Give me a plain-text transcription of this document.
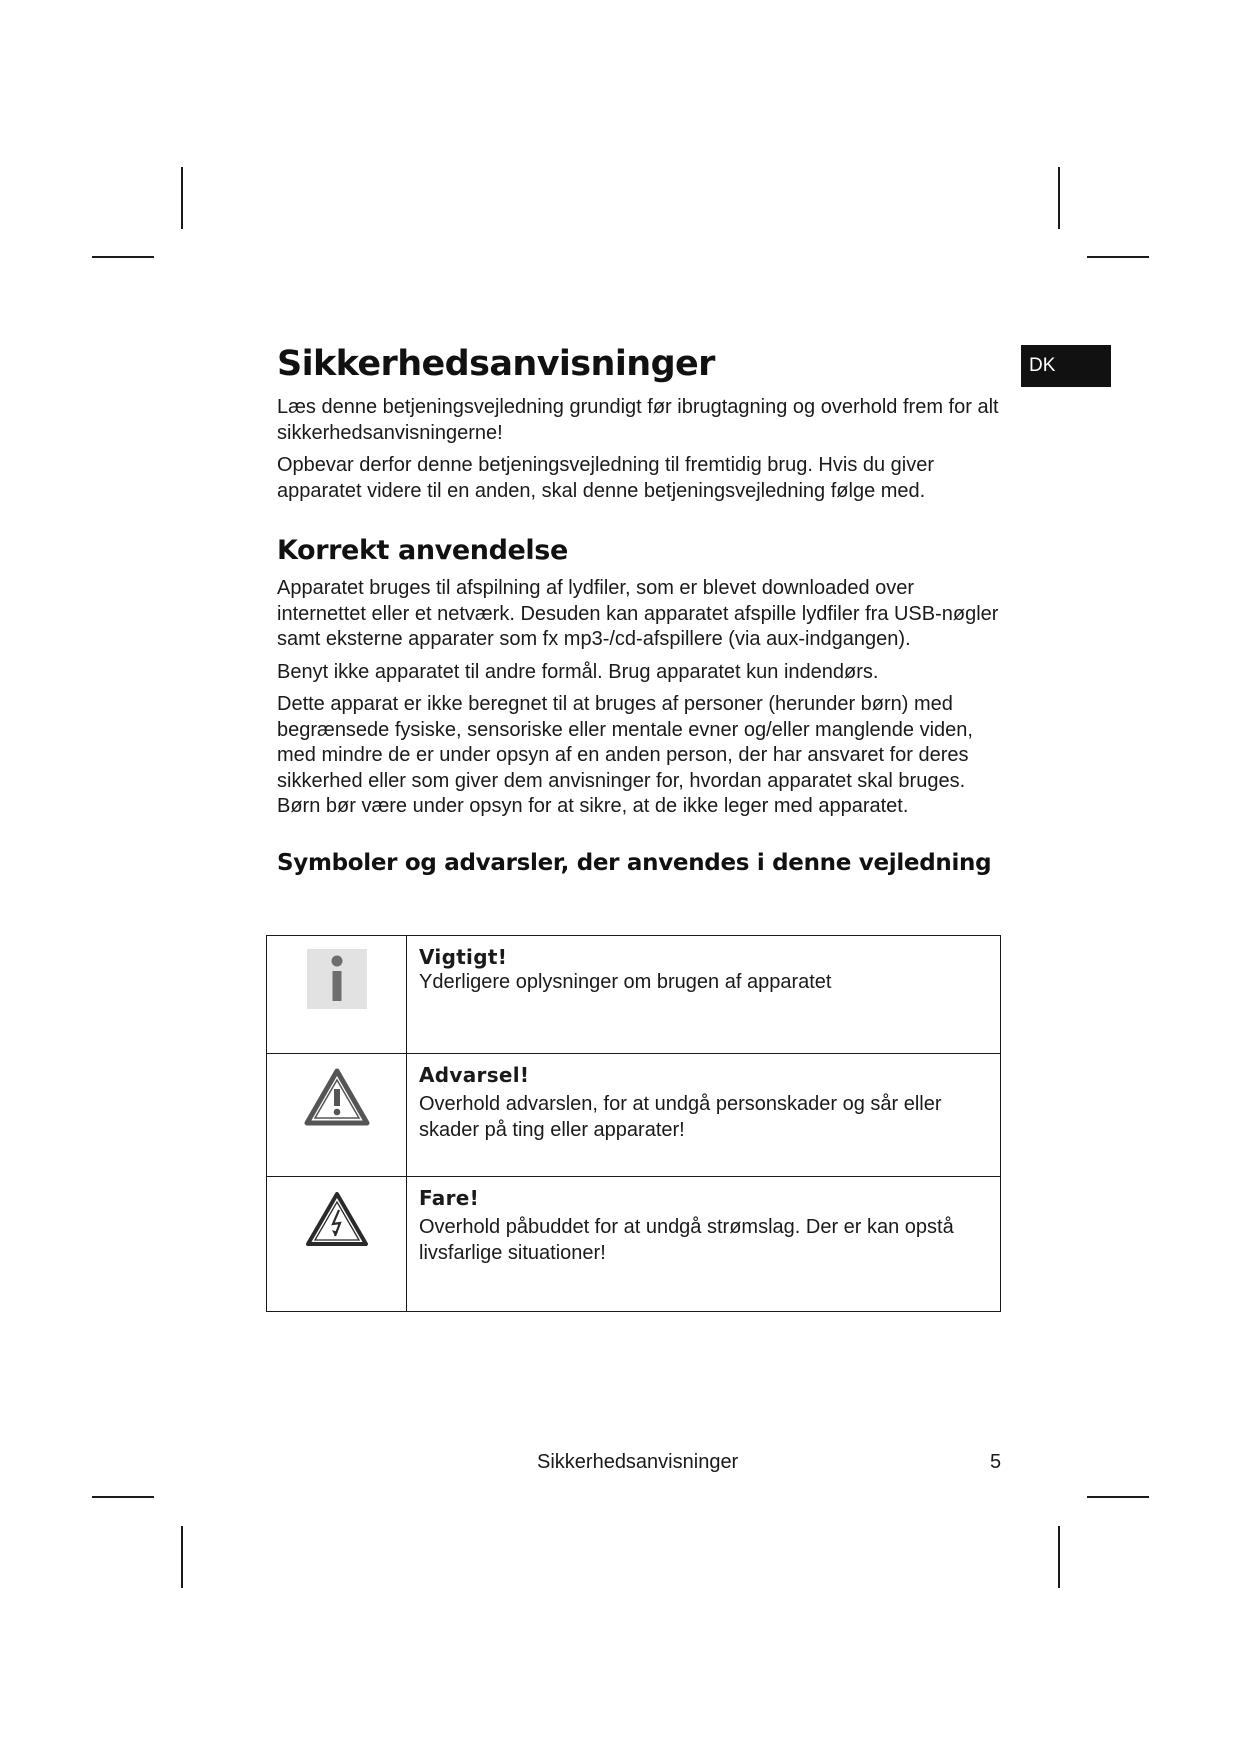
DK
Sikkerhedsanvisninger

Læs denne betjeningsvejledning grundigt før ibrugtagning og overhold frem for alt sikkerhedsanvisningerne!

Opbevar derfor denne betjeningsvejledning til fremtidig brug. Hvis du giver apparatet videre til en anden, skal denne betjeningsvejledning følge med.

Korrekt anvendelse

Apparatet bruges til afspilning af lydfiler, som er blevet downloaded over internettet eller et netværk. Desuden kan apparatet afspille lydfiler fra USB-nøgler samt eksterne apparater som fx mp3-/cd-afspillere (via aux-indgangen).

Benyt ikke apparatet til andre formål. Brug apparatet kun indendørs.

Dette apparat er ikke beregnet til at bruges af personer (herunder børn) med begrænsede fysiske, sensoriske eller mentale evner og/eller manglende viden, med mindre de er under opsyn af en anden person, der har ansvaret for deres sikkerhed eller som giver dem anvisninger for, hvordan apparatet skal bruges. Børn bør være under opsyn for at sikre, at de ikke leger med apparatet.

Symboler og advarsler, der anvendes i denne vejledning

Vigtigt!
Yderligere oplysninger om brugen af apparatet

Advarsel!
Overhold advarslen, for at undgå personskader og sår eller skader på ting eller apparater!

Fare!
Overhold påbuddet for at undgå strømslag. Der er kan opstå livsfarlige situationer!
Sikkerhedsanvisninger	5
